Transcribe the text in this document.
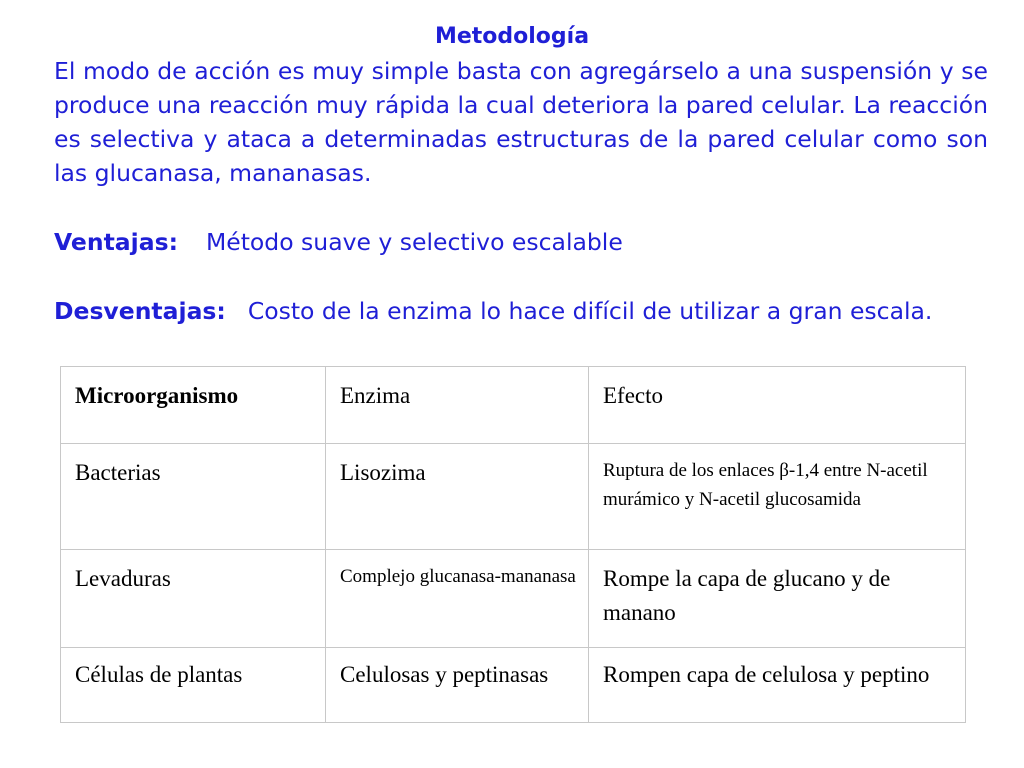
Metodología

El modo de acción es muy simple basta con agregárselo a una suspensión y se produce una reacción muy rápida la cual deteriora la pared celular. La reacción es selectiva y ataca a determinadas estructuras de la pared celular como son las glucanasa, mananasas.

Ventajas: Método suave y selectivo escalable

Desventajas: Costo de la enzima lo hace difícil de utilizar a gran escala.

Microorganismo	Enzima	Efecto
Bacterias	Lisozima	Ruptura de los enlaces β-1,4 entre N-acetil murámico y N-acetil glucosamida
Levaduras	Complejo glucanasa-mananasa	Rompe la capa de glucano y de manano
Células de plantas	Celulosas y peptinasas	Rompen capa de celulosa y peptino
